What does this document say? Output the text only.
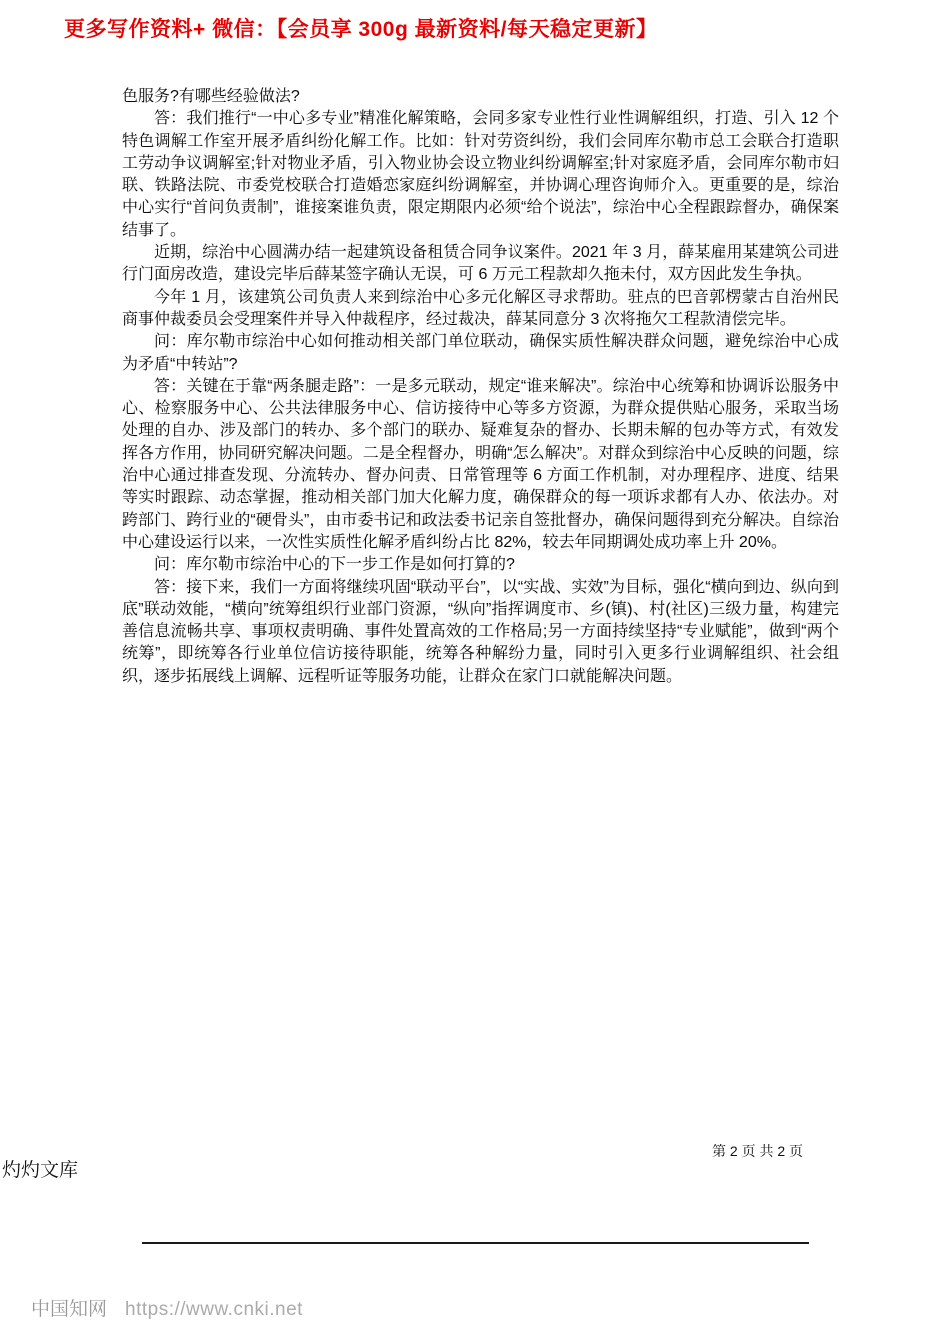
更多写作资料+ 微信：【会员享 300g 最新资料/每天稳定更新】

色服务?有哪些经验做法?

答：我们推行“一中心多专业”精准化解策略，会同多家专业性行业性调解组织，打造、引入 12 个特色调解工作室开展矛盾纠纷化解工作。比如：针对劳资纠纷，我们会同库尔勒市总工会联合打造职工劳动争议调解室;针对物业矛盾，引入物业协会设立物业纠纷调解室;针对家庭矛盾，会同库尔勒市妇联、铁路法院、市委党校联合打造婚恋家庭纠纷调解室，并协调心理咨询师介入。更重要的是，综治中心实行“首问负责制”，谁接案谁负责，限定期限内必须“给个说法”，综治中心全程跟踪督办，确保案结事了。

近期，综治中心圆满办结一起建筑设备租赁合同争议案件。2021 年 3 月，薛某雇用某建筑公司进行门面房改造，建设完毕后薛某签字确认无误，可 6 万元工程款却久拖未付，双方因此发生争执。

今年 1 月，该建筑公司负责人来到综治中心多元化解区寻求帮助。驻点的巴音郭楞蒙古自治州民商事仲裁委员会受理案件并导入仲裁程序，经过裁决，薛某同意分 3 次将拖欠工程款清偿完毕。

问：库尔勒市综治中心如何推动相关部门单位联动，确保实质性解决群众问题，避免综治中心成为矛盾“中转站”?

答：关键在于靠“两条腿走路”：一是多元联动，规定“谁来解决”。综治中心统筹和协调诉讼服务中心、检察服务中心、公共法律服务中心、信访接待中心等多方资源，为群众提供贴心服务，采取当场处理的自办、涉及部门的转办、多个部门的联办、疑难复杂的督办、长期未解的包办等方式，有效发挥各方作用，协同研究解决问题。二是全程督办，明确“怎么解决”。对群众到综治中心反映的问题，综治中心通过排查发现、分流转办、督办问责、日常管理等 6 方面工作机制，对办理程序、进度、结果等实时跟踪、动态掌握，推动相关部门加大化解力度，确保群众的每一项诉求都有人办、依法办。对跨部门、跨行业的“硬骨头”，由市委书记和政法委书记亲自签批督办，确保问题得到充分解决。自综治中心建设运行以来，一次性实质性化解矛盾纠纷占比 82%，较去年同期调处成功率上升 20%。

问：库尔勒市综治中心的下一步工作是如何打算的?

答：接下来，我们一方面将继续巩固“联动平台”，以“实战、实效”为目标，强化“横向到边、纵向到底”联动效能，“横向”统筹组织行业部门资源，“纵向”指挥调度市、乡(镇)、村(社区)三级力量，构建完善信息流畅共享、事项权责明确、事件处置高效的工作格局;另一方面持续坚持“专业赋能”，做到“两个统筹”，即统筹各行业单位信访接待职能，统筹各种解纷力量，同时引入更多行业调解组织、社会组织，逐步拓展线上调解、远程听证等服务功能，让群众在家门口就能解决问题。

第 2 页 共 2 页
灼灼文库
中国知网 https://www.cnki.net
